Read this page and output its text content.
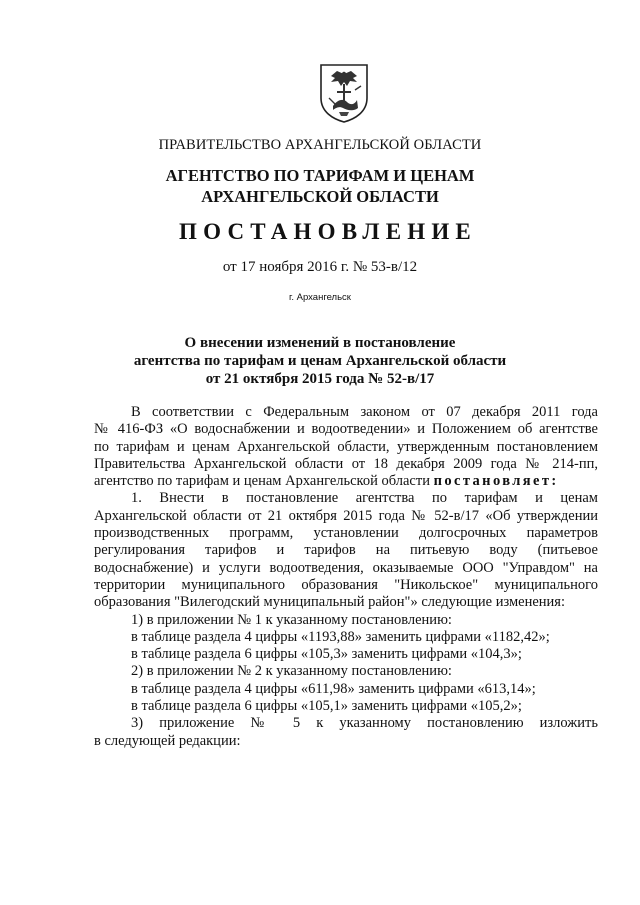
ПРАВИТЕЛЬСТВО АРХАНГЕЛЬСКОЙ ОБЛАСТИ
АГЕНТСТВО ПО ТАРИФАМ И ЦЕНАМ
АРХАНГЕЛЬСКОЙ ОБЛАСТИ
ПОСТАНОВЛЕНИЕ
от 17 ноября 2016 г. № 53-в/12
г. Архангельск
О внесении изменений в постановление
агентства по тарифам и ценам Архангельской области
от 21 октября 2015 года № 52-в/17
В соответствии с Федеральным законом от 07 декабря 2011 года
№ 416-ФЗ «О водоснабжении и водоотведении» и Положением об агентстве
по тарифам и ценам Архангельской области, утвержденным постановлением
Правительства Архангельской области от 18 декабря 2009 года № 214-пп,
агентство по тарифам и ценам Архангельской области постановляет:
1. Внести в постановление агентства по тарифам и ценам
Архангельской области от 21 октября 2015 года № 52-в/17 «Об утверждении
производственных программ, установлении долгосрочных параметров
регулирования тарифов и тарифов на питьевую воду (питьевое
водоснабжение) и услуги водоотведения, оказываемые ООО "Управдом" на
территории муниципального образования "Никольское" муниципального
образования "Вилегодский муниципальный район"» следующие изменения:
1) в приложении № 1 к указанному постановлению:
в таблице раздела 4 цифры «1193,88» заменить цифрами «1182,42»;
в таблице раздела 6 цифры «105,3» заменить цифрами «104,3»;
2) в приложении № 2 к указанному постановлению:
в таблице раздела 4 цифры «611,98» заменить цифрами «613,14»;
в таблице раздела 6 цифры «105,1» заменить цифрами «105,2»;
3) приложение № 5 к указанному постановлению изложить
в следующей редакции:
